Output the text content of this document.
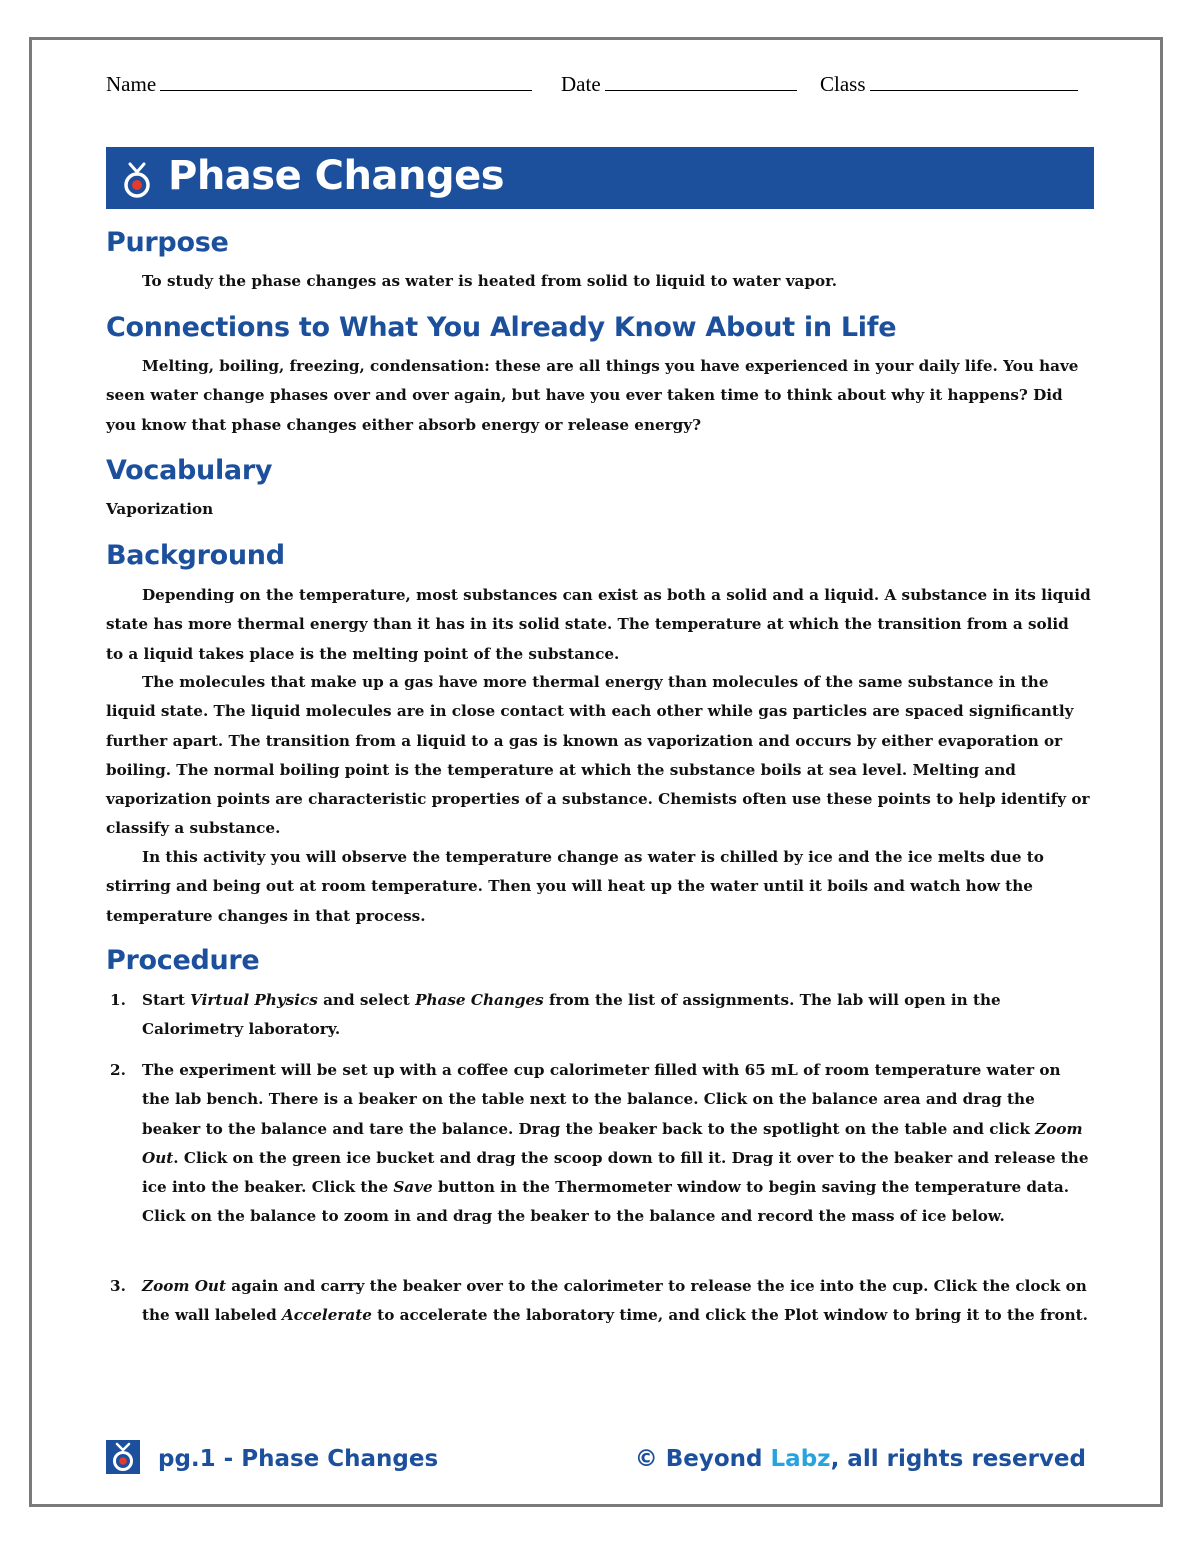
Name	Date	Class
Phase Changes
Purpose
To study the phase changes as water is heated from solid to liquid to water vapor.
Connections to What You Already Know About in Life
Melting, boiling, freezing, condensation: these are all things you have experienced in your daily life. You have seen water change phases over and over again, but have you ever taken time to think about why it happens? Did you know that phase changes either absorb energy or release energy?
Vocabulary
Vaporization
Background
Depending on the temperature, most substances can exist as both a solid and a liquid. A substance in its liquid state has more thermal energy than it has in its solid state. The temperature at which the transition from a solid to a liquid takes place is the melting point of the substance.
The molecules that make up a gas have more thermal energy than molecules of the same substance in the liquid state. The liquid molecules are in close contact with each other while gas particles are spaced significantly further apart. The transition from a liquid to a gas is known as vaporization and occurs by either evaporation or boiling. The normal boiling point is the temperature at which the substance boils at sea level. Melting and vaporization points are characteristic properties of a substance. Chemists often use these points to help identify or classify a substance.
In this activity you will observe the temperature change as water is chilled by ice and the ice melts due to stirring and being out at room temperature. Then you will heat up the water until it boils and watch how the temperature changes in that process.
Procedure
1. Start Virtual Physics and select Phase Changes from the list of assignments. The lab will open in the Calorimetry laboratory.
2. The experiment will be set up with a coffee cup calorimeter filled with 65 mL of room temperature water on the lab bench. There is a beaker on the table next to the balance. Click on the balance area and drag the beaker to the balance and tare the balance. Drag the beaker back to the spotlight on the table and click Zoom Out. Click on the green ice bucket and drag the scoop down to fill it. Drag it over to the beaker and release the ice into the beaker. Click the Save button in the Thermometer window to begin saving the temperature data. Click on the balance to zoom in and drag the beaker to the balance and record the mass of ice below.
3. Zoom Out again and carry the beaker over to the calorimeter to release the ice into the cup. Click the clock on the wall labeled Accelerate to accelerate the laboratory time, and click the Plot window to bring it to the front.
pg.1 - Phase Changes	© Beyond Labz, all rights reserved
